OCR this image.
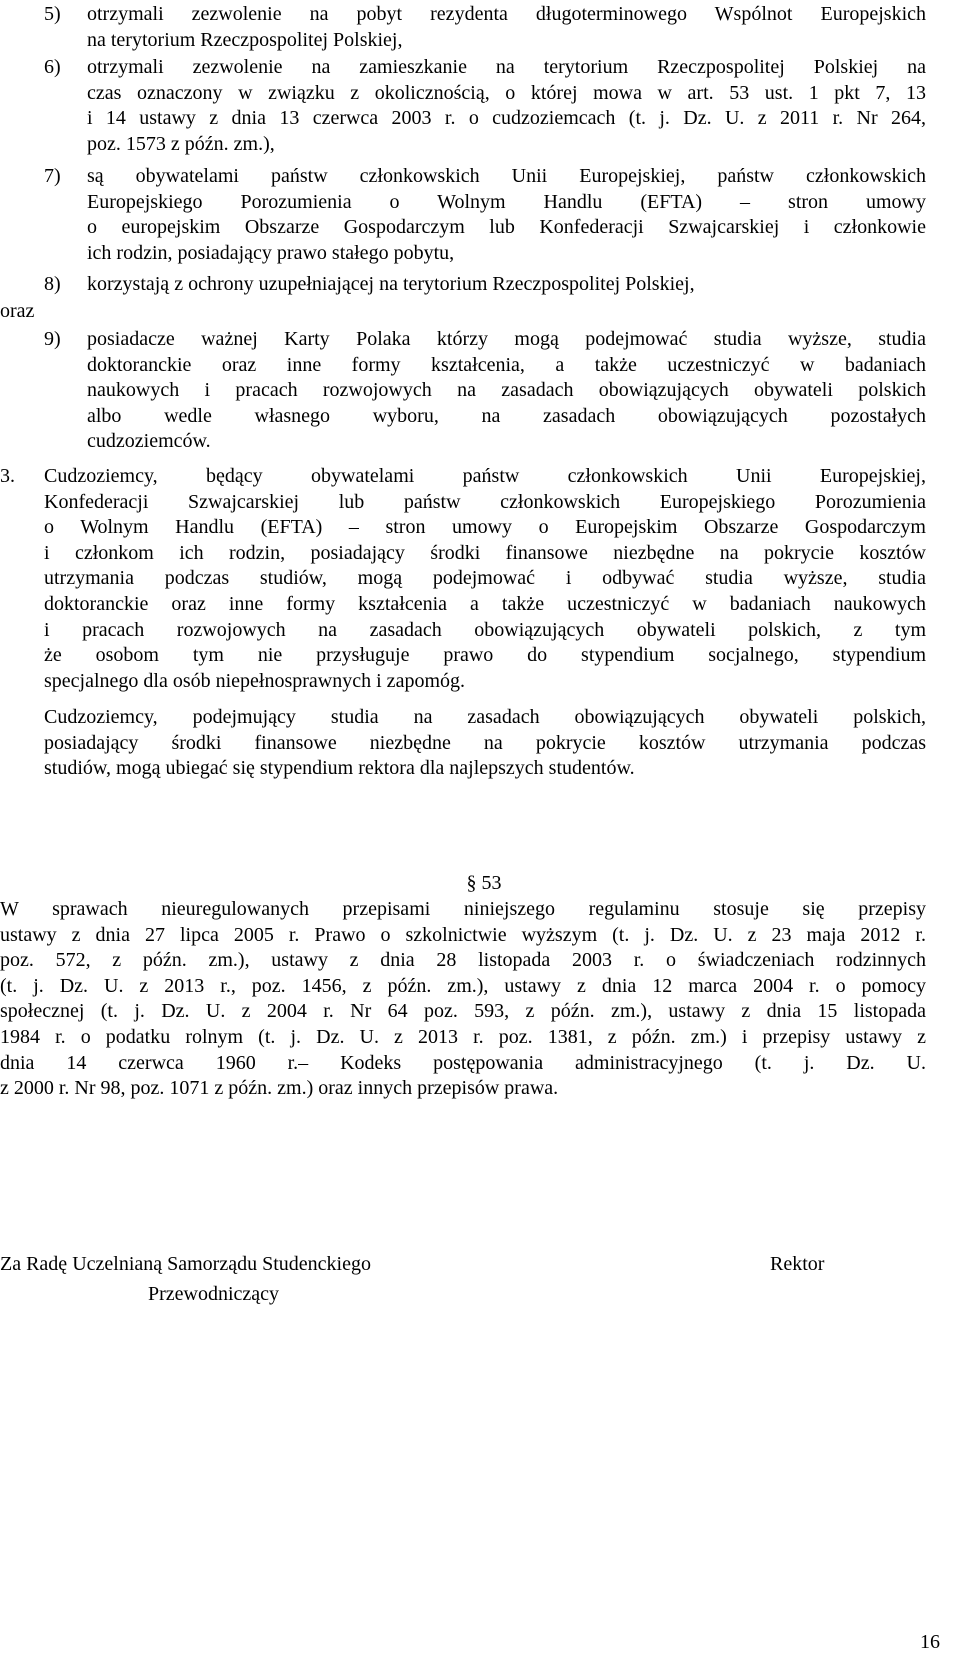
5)	otrzymali zezwolenie na pobyt rezydenta długoterminowego Wspólnot Europejskich
na terytorium Rzeczpospolitej Polskiej,
6)	otrzymali zezwolenie na zamieszkanie na terytorium Rzeczpospolitej Polskiej na
czas oznaczony w związku z okolicznością, o której mowa w art. 53 ust. 1 pkt 7, 13
i 14 ustawy z dnia 13 czerwca 2003 r. o cudzoziemcach (t. j. Dz. U. z 2011 r. Nr 264,
poz. 1573 z późn. zm.),
7)	są obywatelami państw członkowskich Unii Europejskiej, państw członkowskich
Europejskiego Porozumienia o Wolnym Handlu (EFTA) – stron umowy
o europejskim Obszarze Gospodarczym lub Konfederacji Szwajcarskiej i członkowie
ich rodzin, posiadający prawo stałego pobytu,
8)	korzystają z ochrony uzupełniającej na terytorium Rzeczpospolitej Polskiej,
oraz
9)	posiadacze ważnej Karty Polaka którzy mogą podejmować studia wyższe, studia
doktoranckie oraz inne formy kształcenia, a także uczestniczyć w badaniach
naukowych i pracach rozwojowych na zasadach obowiązujących obywateli polskich
albo wedle własnego wyboru, na zasadach obowiązujących pozostałych
cudzoziemców.
3.	Cudzoziemcy, będący obywatelami państw członkowskich Unii Europejskiej,
Konfederacji Szwajcarskiej lub państw członkowskich Europejskiego Porozumienia
o Wolnym Handlu (EFTA) – stron umowy o Europejskim Obszarze Gospodarczym
i członkom ich rodzin, posiadający środki finansowe niezbędne na pokrycie kosztów
utrzymania podczas studiów, mogą podejmować i odbywać studia wyższe, studia
doktoranckie oraz inne formy kształcenia a także uczestniczyć w badaniach naukowych
i pracach rozwojowych na zasadach obowiązujących obywateli polskich, z tym
że osobom tym nie przysługuje prawo do stypendium socjalnego, stypendium
specjalnego dla osób niepełnosprawnych i zapomóg.
Cudzoziemcy, podejmujący studia na zasadach obowiązujących obywateli polskich,
posiadający środki finansowe niezbędne na pokrycie kosztów utrzymania podczas
studiów, mogą ubiegać się stypendium rektora dla najlepszych studentów.
§ 53
W sprawach nieuregulowanych przepisami niniejszego regulaminu stosuje się przepisy
ustawy z dnia 27 lipca 2005 r. Prawo o szkolnictwie wyższym (t. j. Dz. U. z 23 maja 2012 r.
poz. 572, z późn. zm.), ustawy z dnia 28 listopada 2003 r. o świadczeniach rodzinnych
(t. j. Dz. U. z 2013 r., poz. 1456, z późn. zm.), ustawy z dnia 12 marca 2004 r. o pomocy
społecznej (t. j. Dz. U. z 2004 r. Nr 64 poz. 593, z późn. zm.), ustawy z dnia 15 listopada
1984 r. o podatku rolnym (t. j. Dz. U. z 2013 r. poz. 1381, z późn. zm.) i przepisy ustawy z
dnia 14 czerwca 1960 r.– Kodeks postępowania administracyjnego (t. j. Dz. U.
z 2000 r. Nr 98, poz. 1071 z późn. zm.) oraz innych przepisów prawa.
Za Radę Uczelnianą Samorządu Studenckiego
Przewodniczący
Rektor
16
